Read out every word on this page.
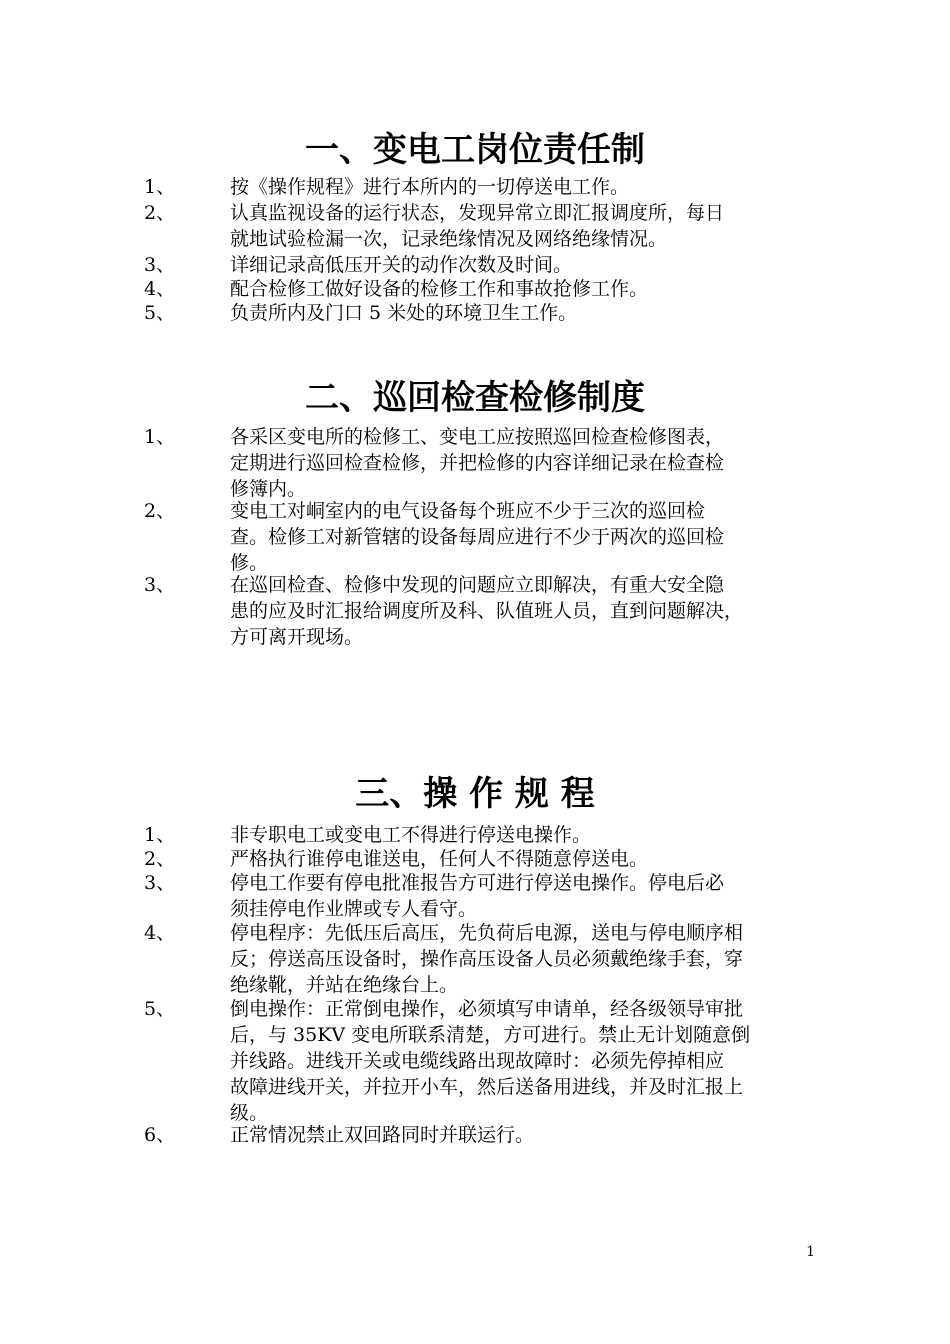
一、变电工岗位责任制
1、	按《操作规程》进行本所内的一切停送电工作。
2、	认真监视设备的运行状态，发现异常立即汇报调度所，每日
就地试验检漏一次，记录绝缘情况及网络绝缘情况。
3、	详细记录高低压开关的动作次数及时间。
4、	配合检修工做好设备的检修工作和事故抢修工作。
5、	负责所内及门口 5 米处的环境卫生工作。
二、巡回检查检修制度
1、	各采区变电所的检修工、变电工应按照巡回检查检修图表，
定期进行巡回检查检修，并把检修的内容详细记录在检查检
修簿内。
2、	变电工对峒室内的电气设备每个班应不少于三次的巡回检
查。检修工对新管辖的设备每周应进行不少于两次的巡回检
修。
3、	在巡回检查、检修中发现的问题应立即解决，有重大安全隐
患的应及时汇报给调度所及科、队值班人员，直到问题解决，
方可离开现场。
三、操 作 规 程
1、	非专职电工或变电工不得进行停送电操作。
2、	严格执行谁停电谁送电，任何人不得随意停送电。
3、	停电工作要有停电批准报告方可进行停送电操作。停电后必
须挂停电作业牌或专人看守。
4、	停电程序：先低压后高压，先负荷后电源，送电与停电顺序相
反；停送高压设备时，操作高压设备人员必须戴绝缘手套，穿
绝缘靴，并站在绝缘台上。
5、	倒电操作：正常倒电操作，必须填写申请单，经各级领导审批
后，与 35KV 变电所联系清楚，方可进行。禁止无计划随意倒
并线路。进线开关或电缆线路出现故障时：必须先停掉相应
故障进线开关，并拉开小车，然后送备用进线，并及时汇报上
级。
6、	正常情况禁止双回路同时并联运行。
1
